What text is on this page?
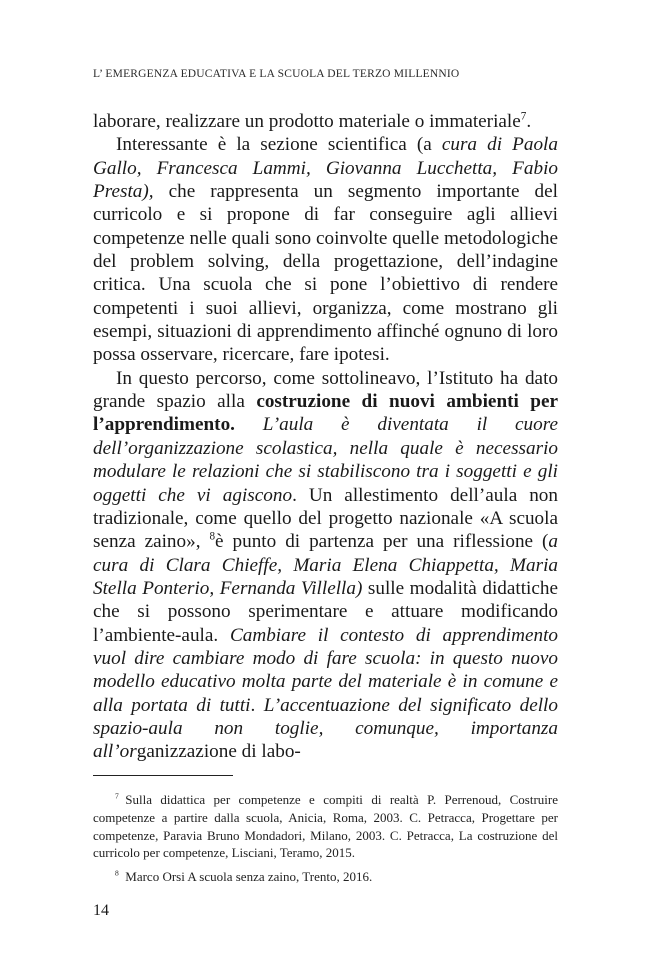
L’ EMERGENZA EDUCATIVA E LA SCUOLA DEL TERZO MILLENNIO

laborare, realizzare un prodotto materiale o immateriale$^7$.

Interessante è la sezione scientifica (a cura di Paola Gallo, Francesca Lammi, Giovanna Lucchetta, Fabio Presta), che rappresenta un segmento importante del curricolo e si propone di far conseguire agli allievi competenze nelle quali sono coinvolte quelle metodologiche del problem solving, della progettazione, dell’indagine critica. Una scuola che si pone l’obiettivo di rendere competenti i suoi allievi, organizza, come mostrano gli esempi, situazioni di apprendimento affinché ognuno di loro possa osservare, ricercare, fare ipotesi.

In questo percorso, come sottolineavo, l’Istituto ha dato grande spazio alla costruzione di nuovi ambienti per l’apprendimento. L’aula è diventata il cuore dell’organizzazione scolastica, nella quale è necessario modulare le relazioni che si stabiliscono tra i soggetti e gli oggetti che vi agiscono. Un allestimento dell’aula non tradizionale, come quello del progetto nazionale «A scuola senza zaino», $^8$è punto di partenza per una riflessione (a cura di Clara Chieffe, Maria Elena Chiappetta, Maria Stella Ponterio, Fernanda Villella) sulle modalità didattiche che si possono sperimentare e attuare modificando l’ambiente-aula. Cambiare il contesto di apprendimento vuol dire cambiare modo di fare scuola: in questo nuovo modello educativo molta parte del materiale è in comune e alla portata di tutti. L’accentuazione del significato dello spazio-aula non toglie, comunque, importanza all’organizzazione di labo-

$^7$  Sulla didattica per competenze e compiti di realtà P. Perrenoud, Costruire competenze a partire dalla scuola, Anicia, Roma, 2003. C. Petracca, Progettare per competenze, Paravia Bruno Mondadori, Milano, 2003. C. Petracca, La costruzione del curricolo per competenze, Lisciani, Teramo, 2015.

$^8$  Marco Orsi A scuola senza zaino, Trento, 2016.

14
